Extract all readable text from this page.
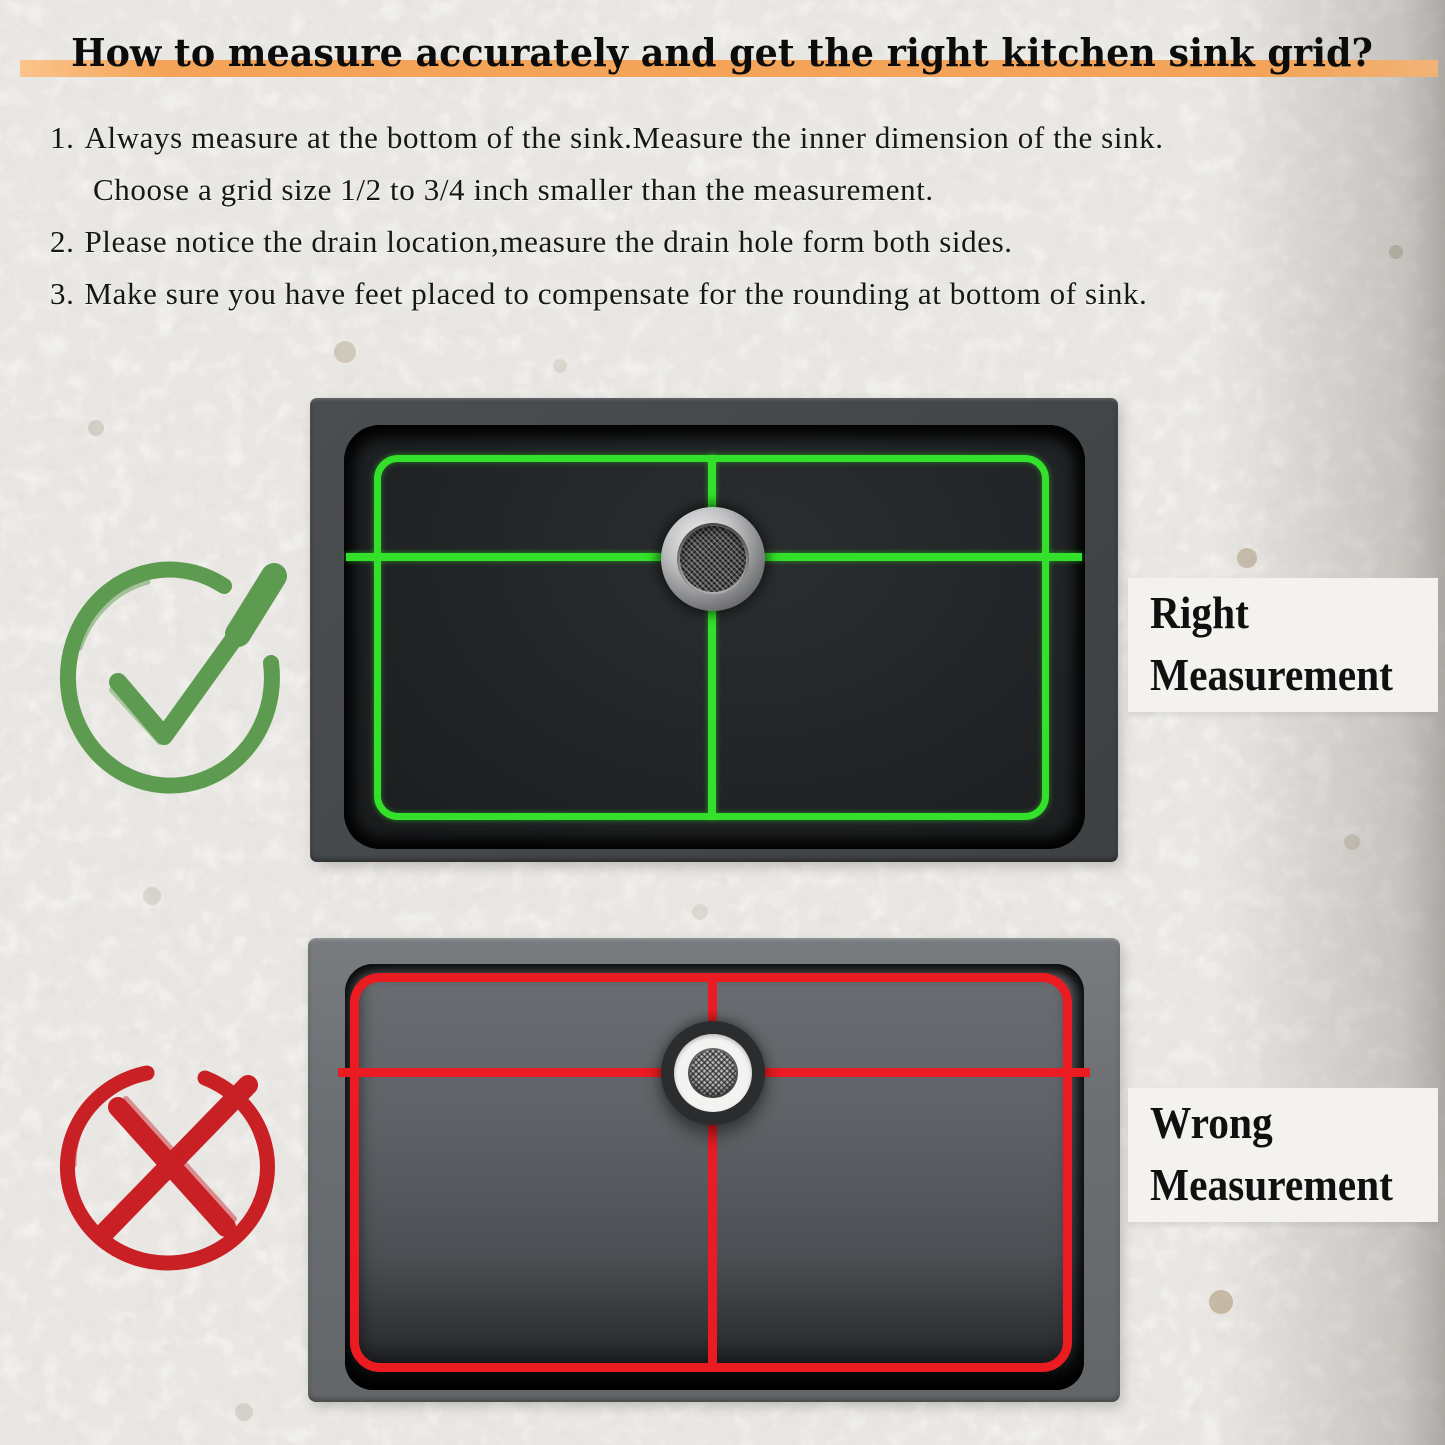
How to measure accurately and get the right kitchen sink grid?
1. Always measure at the bottom of the sink.Measure the inner dimension of the sink.
Choose a grid size 1/2 to 3/4 inch smaller than the measurement.
2. Please notice the drain location,measure the drain hole form both sides.
3. Make sure you have feet placed to compensate for the rounding at bottom of sink.
Right
Measurement
Wrong
Measurement
